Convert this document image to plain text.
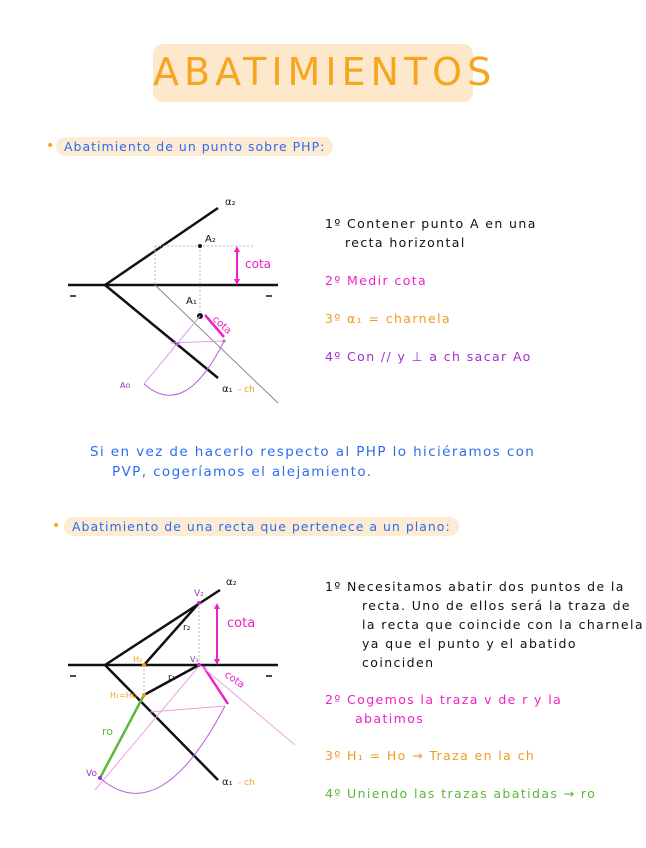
ABATIMIENTOS
• Abatimiento de un punto sobre PHP:
α₂
A₂
A₁
cota
cota
Ao	α₁ - ch
α₂
V₂
V₁
H₂
H₁=Ho
r₂
r₁
ro
Vo
cota
cota
α₁ - ch
1º Contener punto A en una
recta horizontal
2º Medir cota
3º α₁ = charnela
4º Con // y ⊥ a ch sacar Ao
Si en vez de hacerlo respecto al PHP lo hiciéramos con
PVP, cogeríamos el alejamiento.
• Abatimiento de una recta que pertenece a un plano:
1º Necesitamos abatir dos puntos de la
recta. Uno de ellos será la traza de
la recta que coincide con la charnela
ya que el punto y el abatido
coinciden
2º Cogemos la traza v de r y la
abatimos
3º H₁ = Ho → Traza en la ch
4º Uniendo las trazas abatidas → ro
